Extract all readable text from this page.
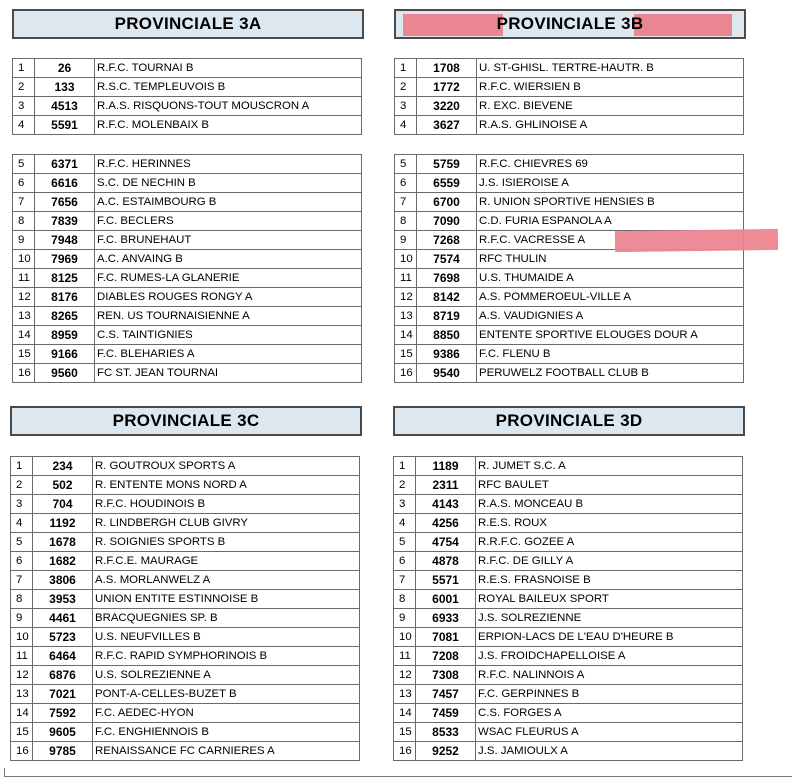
PROVINCIALE 3A
1	26	R.F.C. TOURNAI B
2	133	R.S.C. TEMPLEUVOIS B
3	4513	R.A.S. RISQUONS-TOUT MOUSCRON A
4	5591	R.F.C. MOLENBAIX B
5	6371	R.F.C. HERINNES
6	6616	S.C. DE NECHIN B
7	7656	A.C. ESTAIMBOURG B
8	7839	F.C. BECLERS
9	7948	F.C. BRUNEHAUT
10	7969	A.C. ANVAING B
11	8125	F.C. RUMES-LA GLANERIE
12	8176	DIABLES ROUGES RONGY A
13	8265	REN. US TOURNAISIENNE A
14	8959	C.S. TAINTIGNIES
15	9166	F.C. BLEHARIES A
16	9560	FC ST. JEAN TOURNAI
PROVINCIALE 3B
1	1708	U. ST-GHISL. TERTRE-HAUTR. B
2	1772	R.F.C. WIERSIEN B
3	3220	R. EXC. BIEVENE
4	3627	R.A.S. GHLINOISE A
5	5759	R.F.C. CHIEVRES 69
6	6559	J.S. ISIEROISE A
7	6700	R. UNION SPORTIVE HENSIES B
8	7090	C.D. FURIA ESPANOLA A
9	7268	R.F.C. VACRESSE A
10	7574	RFC THULIN
11	7698	U.S. THUMAIDE A
12	8142	A.S. POMMEROEUL-VILLE A
13	8719	A.S. VAUDIGNIES A
14	8850	ENTENTE SPORTIVE ELOUGES DOUR A
15	9386	F.C. FLENU B
16	9540	PERUWELZ FOOTBALL CLUB B
PROVINCIALE 3C
1	234	R. GOUTROUX SPORTS A
2	502	R. ENTENTE MONS NORD A
3	704	R.F.C. HOUDINOIS B
4	1192	R. LINDBERGH CLUB GIVRY
5	1678	R. SOIGNIES SPORTS B
6	1682	R.F.C.E. MAURAGE
7	3806	A.S. MORLANWELZ A
8	3953	UNION ENTITE ESTINNOISE B
9	4461	BRACQUEGNIES SP. B
10	5723	U.S. NEUFVILLES B
11	6464	R.F.C. RAPID SYMPHORINOIS B
12	6876	U.S. SOLREZIENNE A
13	7021	PONT-A-CELLES-BUZET B
14	7592	F.C. AEDEC-HYON
15	9605	F.C. ENGHIENNOIS B
16	9785	RENAISSANCE FC CARNIERES A
PROVINCIALE 3D
1	1189	R. JUMET S.C. A
2	2311	RFC BAULET
3	4143	R.A.S. MONCEAU B
4	4256	R.E.S. ROUX
5	4754	R.R.F.C. GOZEE A
6	4878	R.F.C. DE GILLY A
7	5571	R.E.S. FRASNOISE B
8	6001	ROYAL BAILEUX SPORT
9	6933	J.S. SOLREZIENNE
10	7081	ERPION-LACS DE L'EAU D'HEURE B
11	7208	J.S. FROIDCHAPELLOISE A
12	7308	R.F.C. NALINNOIS A
13	7457	F.C. GERPINNES B
14	7459	C.S. FORGES A
15	8533	WSAC FLEURUS A
16	9252	J.S. JAMIOULX A
